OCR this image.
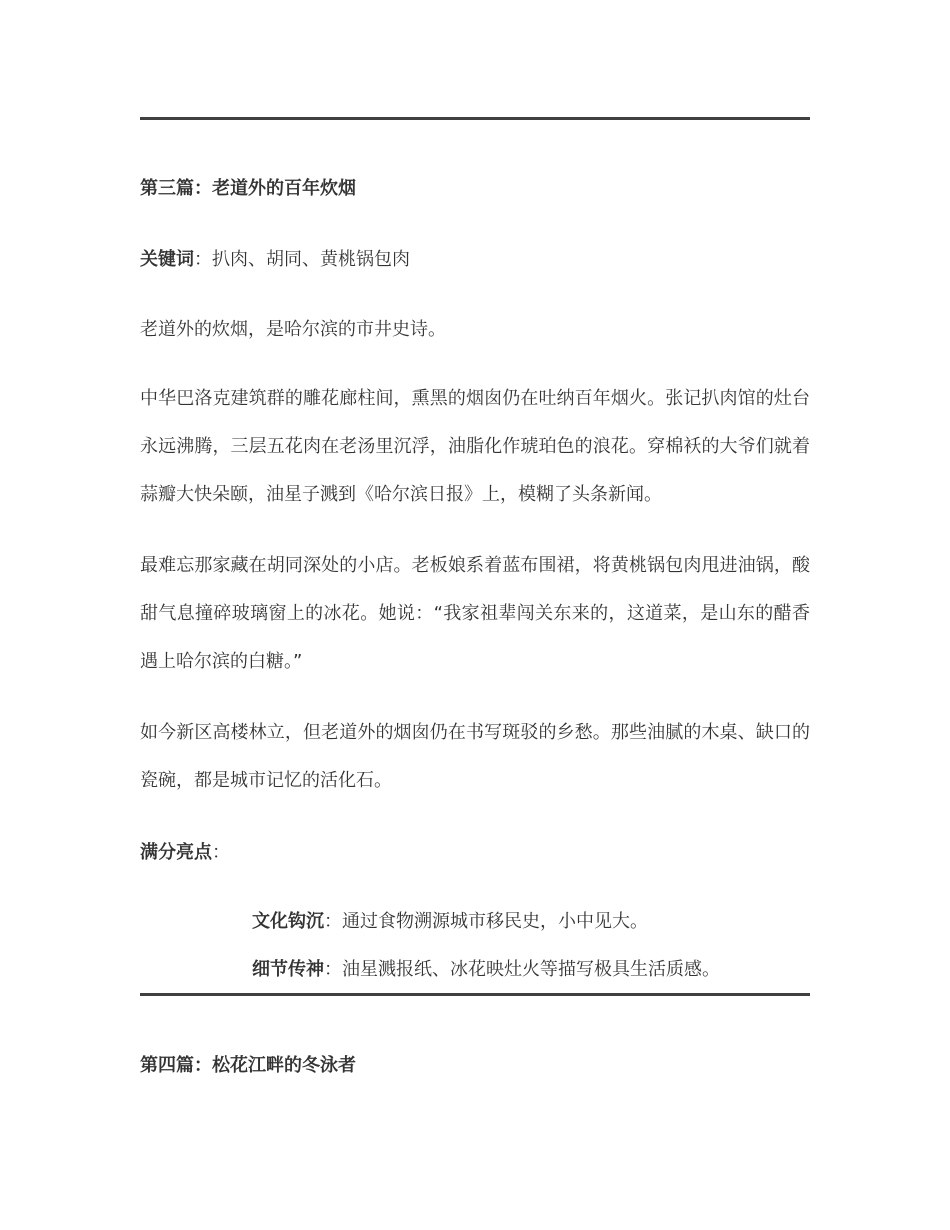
第三篇：老道外的百年炊烟
关键词：扒肉、胡同、黄桃锅包肉
老道外的炊烟，是哈尔滨的市井史诗。
中华巴洛克建筑群的雕花廊柱间，熏黑的烟囱仍在吐纳百年烟火。张记扒肉馆的灶台永远沸腾，三层五花肉在老汤里沉浮，油脂化作琥珀色的浪花。穿棉袄的大爷们就着蒜瓣大快朵颐，油星子溅到《哈尔滨日报》上，模糊了头条新闻。
最难忘那家藏在胡同深处的小店。老板娘系着蓝布围裙，将黄桃锅包肉甩进油锅，酸甜气息撞碎玻璃窗上的冰花。她说：“我家祖辈闯关东来的，这道菜，是山东的醋香遇上哈尔滨的白糖。”
如今新区高楼林立，但老道外的烟囱仍在书写斑驳的乡愁。那些油腻的木桌、缺口的瓷碗，都是城市记忆的活化石。
满分亮点：
文化钩沉：通过食物溯源城市移民史，小中见大。
细节传神：油星溅报纸、冰花映灶火等描写极具生活质感。
第四篇：松花江畔的冬泳者
